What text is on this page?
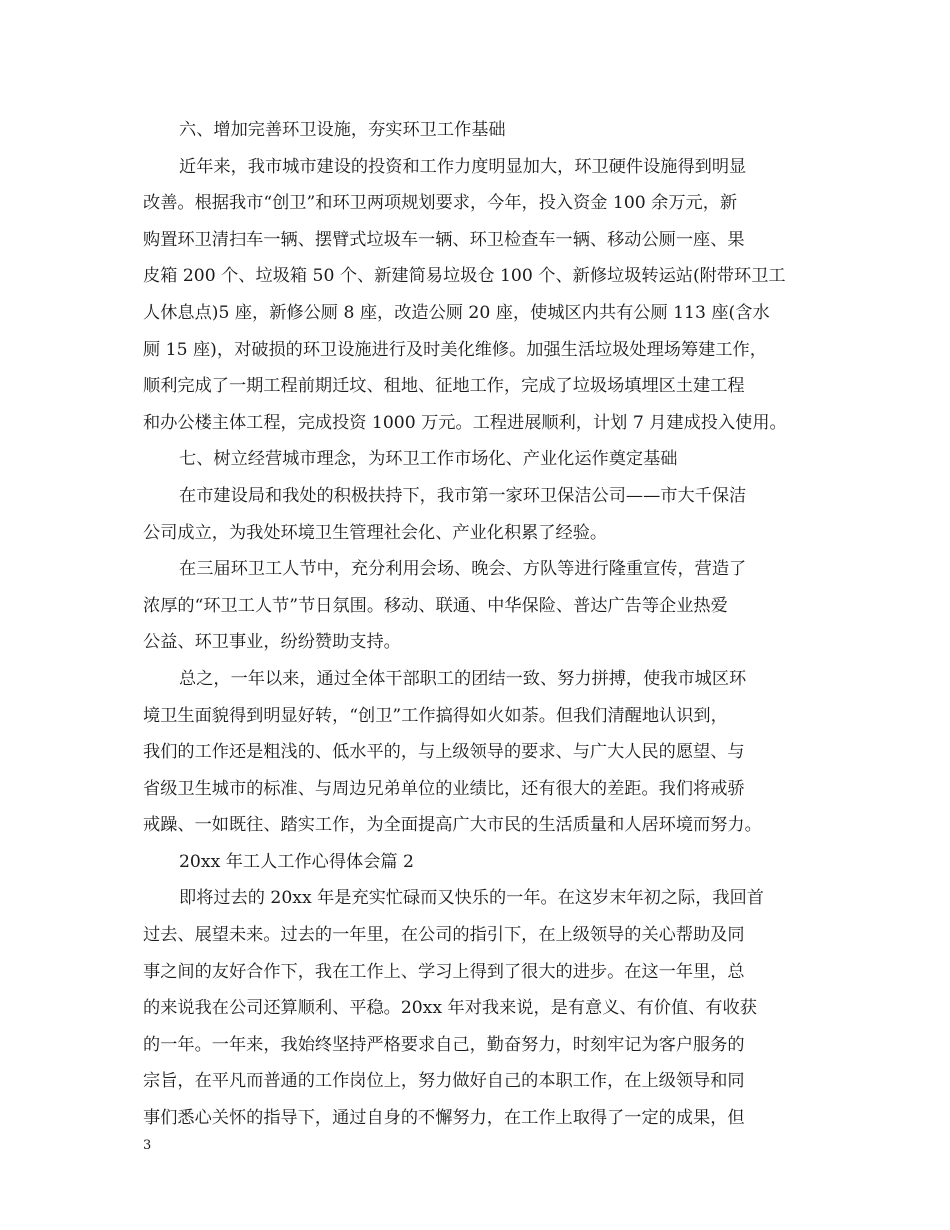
六、增加完善环卫设施，夯实环卫工作基础
近年来，我市城市建设的投资和工作力度明显加大，环卫硬件设施得到明显
改善。根据我市“创卫”和环卫两项规划要求，今年，投入资金 100 余万元，新
购置环卫清扫车一辆、摆臂式垃圾车一辆、环卫检查车一辆、移动公厕一座、果
皮箱 200 个、垃圾箱 50 个、新建简易垃圾仓 100 个、新修垃圾转运站(附带环卫工
人休息点)5 座，新修公厕 8 座，改造公厕 20 座，使城区内共有公厕 113 座(含水
厕 15 座)，对破损的环卫设施进行及时美化维修。加强生活垃圾处理场筹建工作，
顺利完成了一期工程前期迁坟、租地、征地工作，完成了垃圾场填埋区土建工程
和办公楼主体工程，完成投资 1000 万元。工程进展顺利，计划 7 月建成投入使用。
七、树立经营城市理念，为环卫工作市场化、产业化运作奠定基础
在市建设局和我处的积极扶持下，我市第一家环卫保洁公司——市大千保洁
公司成立，为我处环境卫生管理社会化、产业化积累了经验。
在三届环卫工人节中，充分利用会场、晚会、方队等进行隆重宣传，营造了
浓厚的“环卫工人节”节日氛围。移动、联通、中华保险、普达广告等企业热爱
公益、环卫事业，纷纷赞助支持。
总之，一年以来，通过全体干部职工的团结一致、努力拼搏，使我市城区环
境卫生面貌得到明显好转，“创卫”工作搞得如火如荼。但我们清醒地认识到，
我们的工作还是粗浅的、低水平的，与上级领导的要求、与广大人民的愿望、与
省级卫生城市的标准、与周边兄弟单位的业绩比，还有很大的差距。我们将戒骄
戒躁、一如既往、踏实工作，为全面提高广大市民的生活质量和人居环境而努力。
20xx 年工人工作心得体会篇 2
即将过去的 20xx 年是充实忙碌而又快乐的一年。在这岁末年初之际，我回首
过去、展望未来。过去的一年里，在公司的指引下，在上级领导的关心帮助及同
事之间的友好合作下，我在工作上、学习上得到了很大的进步。在这一年里，总
的来说我在公司还算顺利、平稳。20xx 年对我来说，是有意义、有价值、有收获
的一年。一年来，我始终坚持严格要求自己，勤奋努力，时刻牢记为客户服务的
宗旨，在平凡而普通的工作岗位上，努力做好自己的本职工作，在上级领导和同
事们悉心关怀的指导下，通过自身的不懈努力，在工作上取得了一定的成果，但
3
